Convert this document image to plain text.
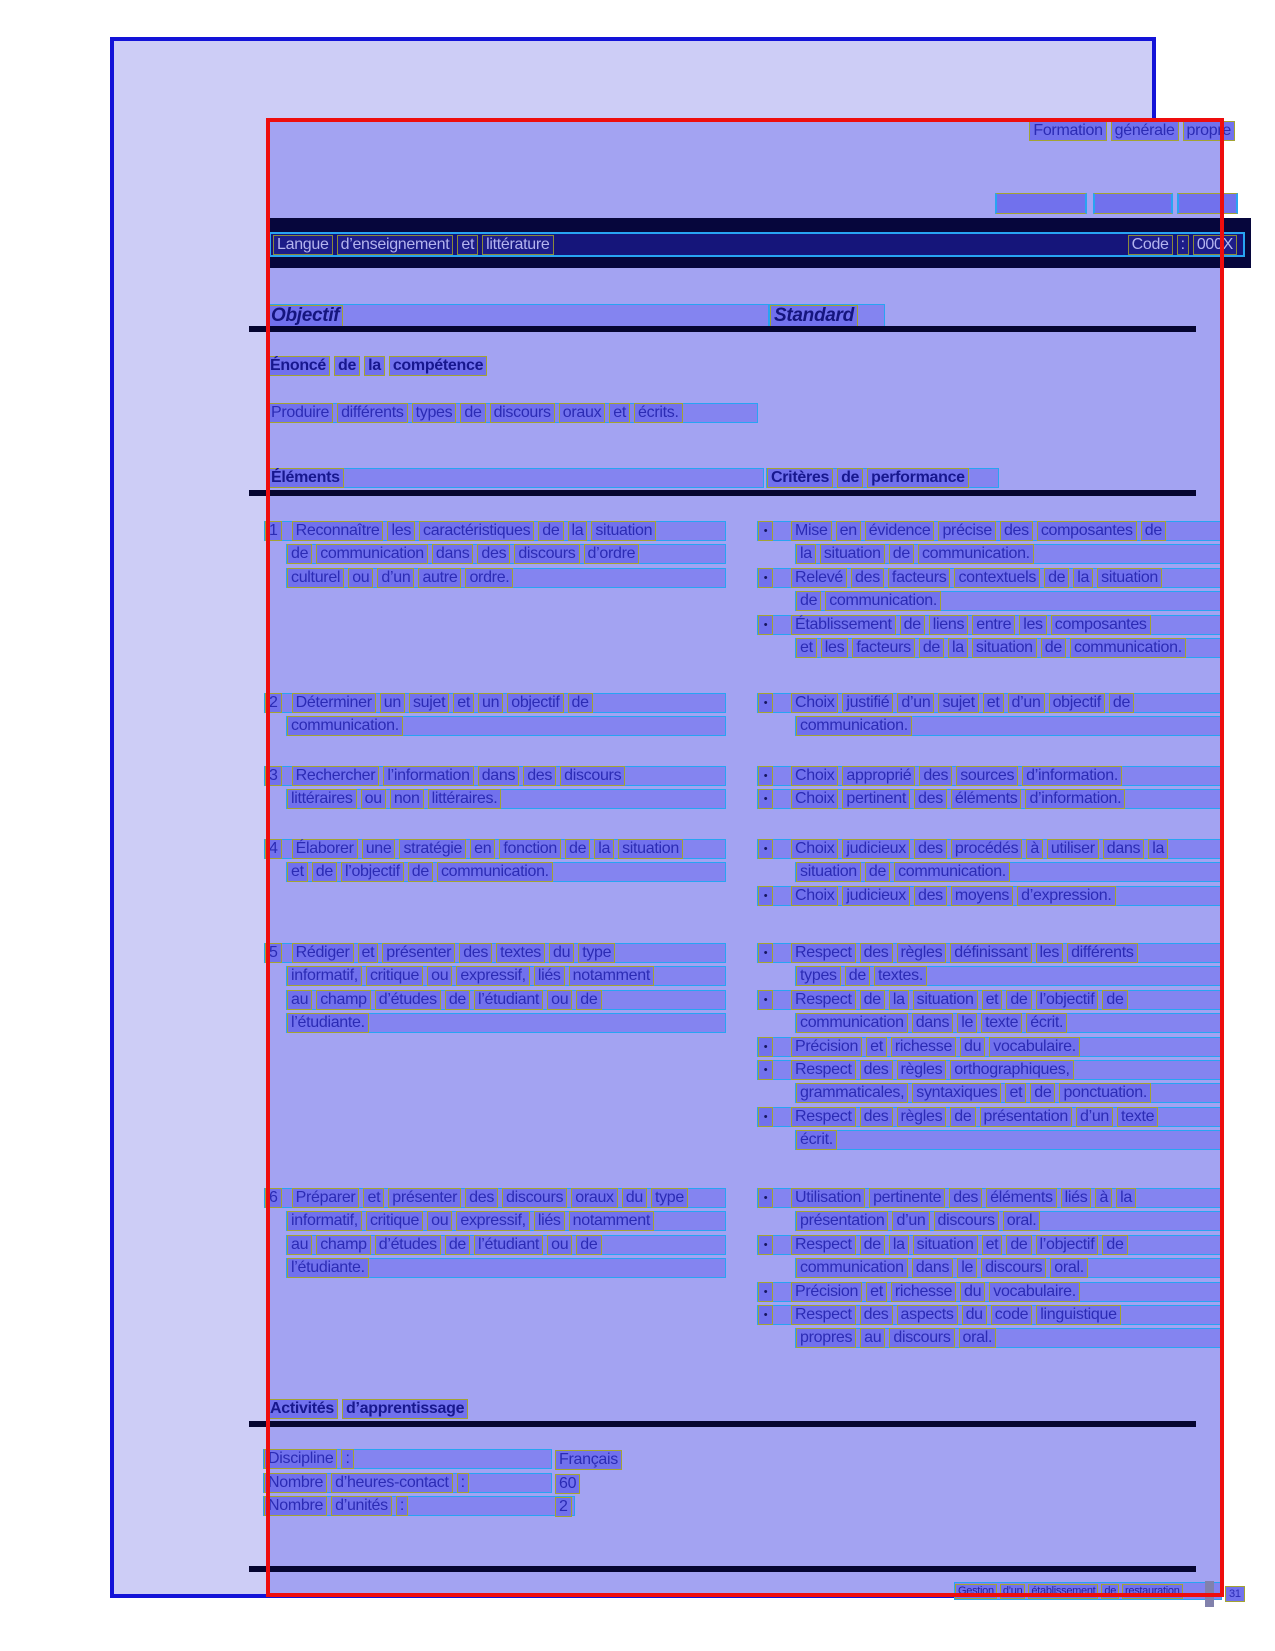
Formation générale propre
Langue d’enseignement et littérature	Code : 000X
Objectif	Standard
Énoncé de la compétence
Produire différents types de discours oraux et écrits.
Éléments	Critères de performance
1 Reconnaître les caractéristiques de la situation
de communication dans des discours d’ordre
culturel ou d’un autre ordre.
•	Mise en évidence précise des composantes de
la situation de communication.
•	Relevé des facteurs contextuels de la situation
de communication.
•	Établissement de liens entre les composantes
et les facteurs de la situation de communication.
2 Déterminer un sujet et un objectif de
communication.
•	Choix justifié d’un sujet et d’un objectif de
communication.
3 Rechercher l’information dans des discours
littéraires ou non littéraires.
•	Choix approprié des sources d’information.
•	Choix pertinent des éléments d’information.
4 Élaborer une stratégie en fonction de la situation
et de l’objectif de communication.
•	Choix judicieux des procédés à utiliser dans la
situation de communication.
•	Choix judicieux des moyens d’expression.
5 Rédiger et présenter des textes du type
informatif, critique ou expressif, liés notamment
au champ d’études de l’étudiant ou de
l’étudiante.
•	Respect des règles définissant les différents
types de textes.
•	Respect de la situation et de l’objectif de
communication dans le texte écrit.
•	Précision et richesse du vocabulaire.
•	Respect des règles orthographiques,
grammaticales, syntaxiques et de ponctuation.
•	Respect des règles de présentation d’un texte
écrit.
6 Préparer et présenter des discours oraux du type
informatif, critique ou expressif, liés notamment
au champ d’études de l’étudiant ou de
l’étudiante.
•	Utilisation pertinente des éléments liés à la
présentation d’un discours oral.
•	Respect de la situation et de l’objectif de
communication dans le discours oral.
•	Précision et richesse du vocabulaire.
•	Respect des aspects du code linguistique
propres au discours oral.
Activités d’apprentissage
Discipline :	Français
Nombre d’heures-contact :	60
Nombre d’unités :	2
Gestion d’un établissement de restauration	31
